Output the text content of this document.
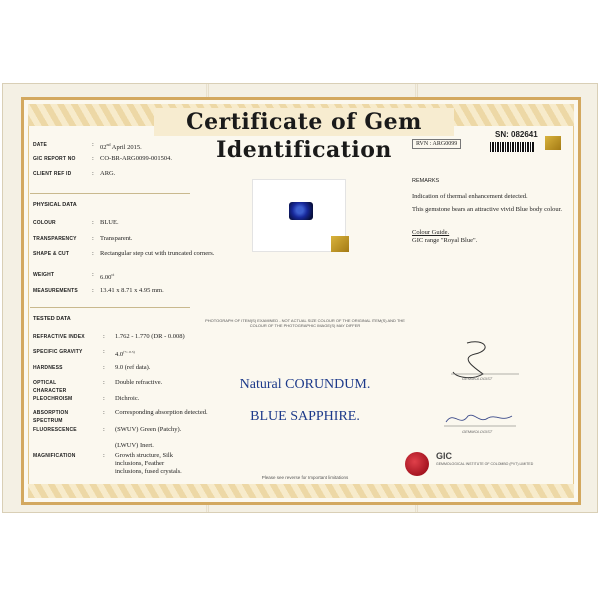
Certificate of Gem Identification
DATE	: 02nd April 2015.
GIC REPORT NO	: CO-BR-ARG0099-001504.
CLIENT REF ID	: ARG.
PHYSICAL DATA
COLOUR	: BLUE.
TRANSPARENCY	: Transparent.
SHAPE & CUT	: Rectangular step cut with truncated corners.
WEIGHT	: $6.00^{ct}$
MEASUREMENTS	: 13.41 x 8.71 x 4.95 mm.
TESTED DATA
REFRACTIVE INDEX	: 1.762 - 1.770 (DR - 0.008)
SPECIFIC GRAVITY	: $4.0^{(+/- 0.5)}$
HARDNESS	: 9.0 (ref data).
OPTICAL CHARACTER
: Double refractive.
PLEOCHROISM	: Dichroic.
ABSORPTION SPECTRUM
: Corresponding absorption detected.
FLUORESCENCE	: (SWUV) Green (Patchy).

(LWUV) Inert.
MAGNIFICATION	: Growth structure, Silk inclusions, Feather inclusions, fused crystals.
PHOTOGRAPH OF ITEM(S) EXAMINED - NOT ACTUAL SIZE COLOUR OF THE ORIGINAL ITEM(S) AND THE COLOUR OF THE PHOTOGRAPHIC IMAGE(S) MAY DIFFER
Natural CORUNDUM.
BLUE SAPPHIRE.
Please see reverse for Important limitations
SN: 082641
RVN : ARG0099
REMARKS
Indication of thermal enhancement detected.
This gemstone bears an attractive vivid Blue body colour.
Colour Guide.
GIC range "Royal Blue".
GEMMOLOGIST
GEMMOLOGIST
GIC
GEMMOLOGICAL INSTITUTE OF COLOMBO (PVT) LIMITED
